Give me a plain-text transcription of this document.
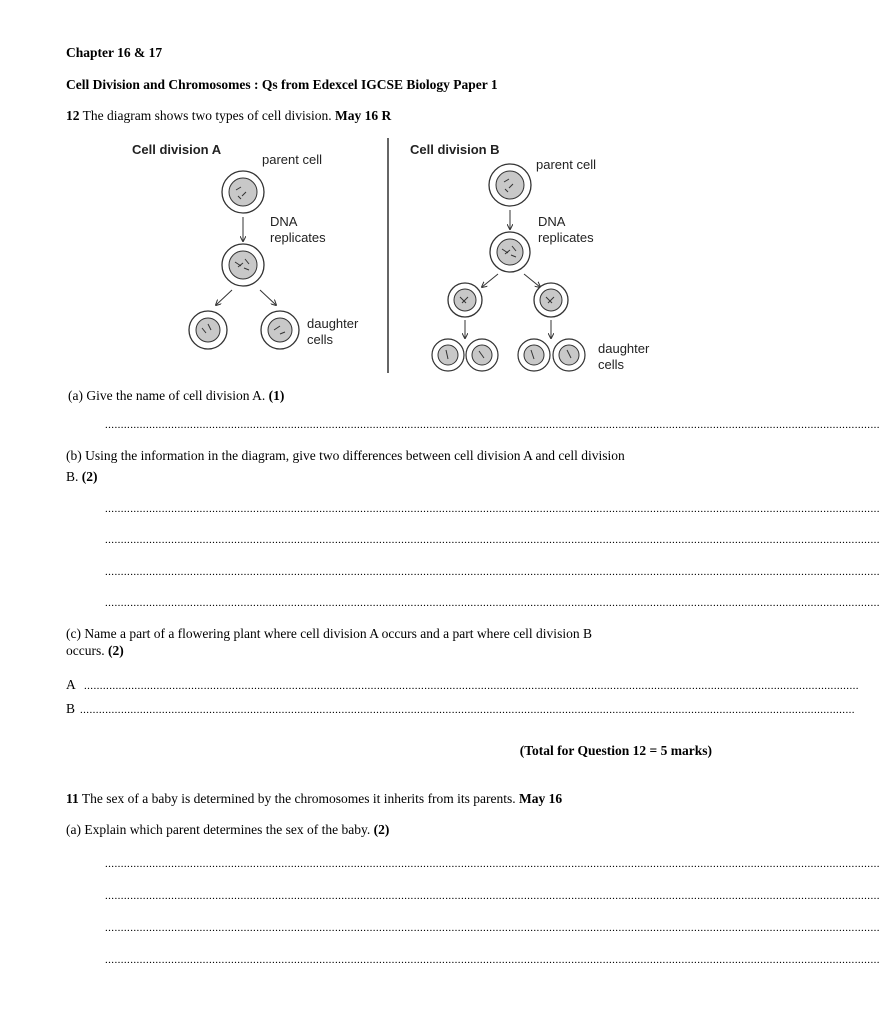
Chapter 16 & 17
Cell Division and Chromosomes : Qs from Edexcel IGCSE Biology Paper 1
12 The diagram shows two types of cell division. May 16 R
Cell division A	Cell division B
parent cell
DNA
replicates
daughter
cells
parent cell
DNA
replicates
daughter
cells
(a) Give the name of cell division A. (1)
......................................................................................................................................................................................................................................................
(b) Using the information in the diagram, give two differences between cell division A and cell division
B. (2)
......................................................................................................................................................................................................................................................
......................................................................................................................................................................................................................................................
......................................................................................................................................................................................................................................................
......................................................................................................................................................................................................................................................
(c) Name a part of a flowering plant where cell division A occurs and a part where cell division B
occurs. (2)
A ......................................................................................................................................................................................................................................................
B ......................................................................................................................................................................................................................................................
(Total for Question 12 = 5 marks)
11 The sex of a baby is determined by the chromosomes it inherits from its parents. May 16
(a) Explain which parent determines the sex of the baby. (2)
......................................................................................................................................................................................................................................................
......................................................................................................................................................................................................................................................
......................................................................................................................................................................................................................................................
......................................................................................................................................................................................................................................................
